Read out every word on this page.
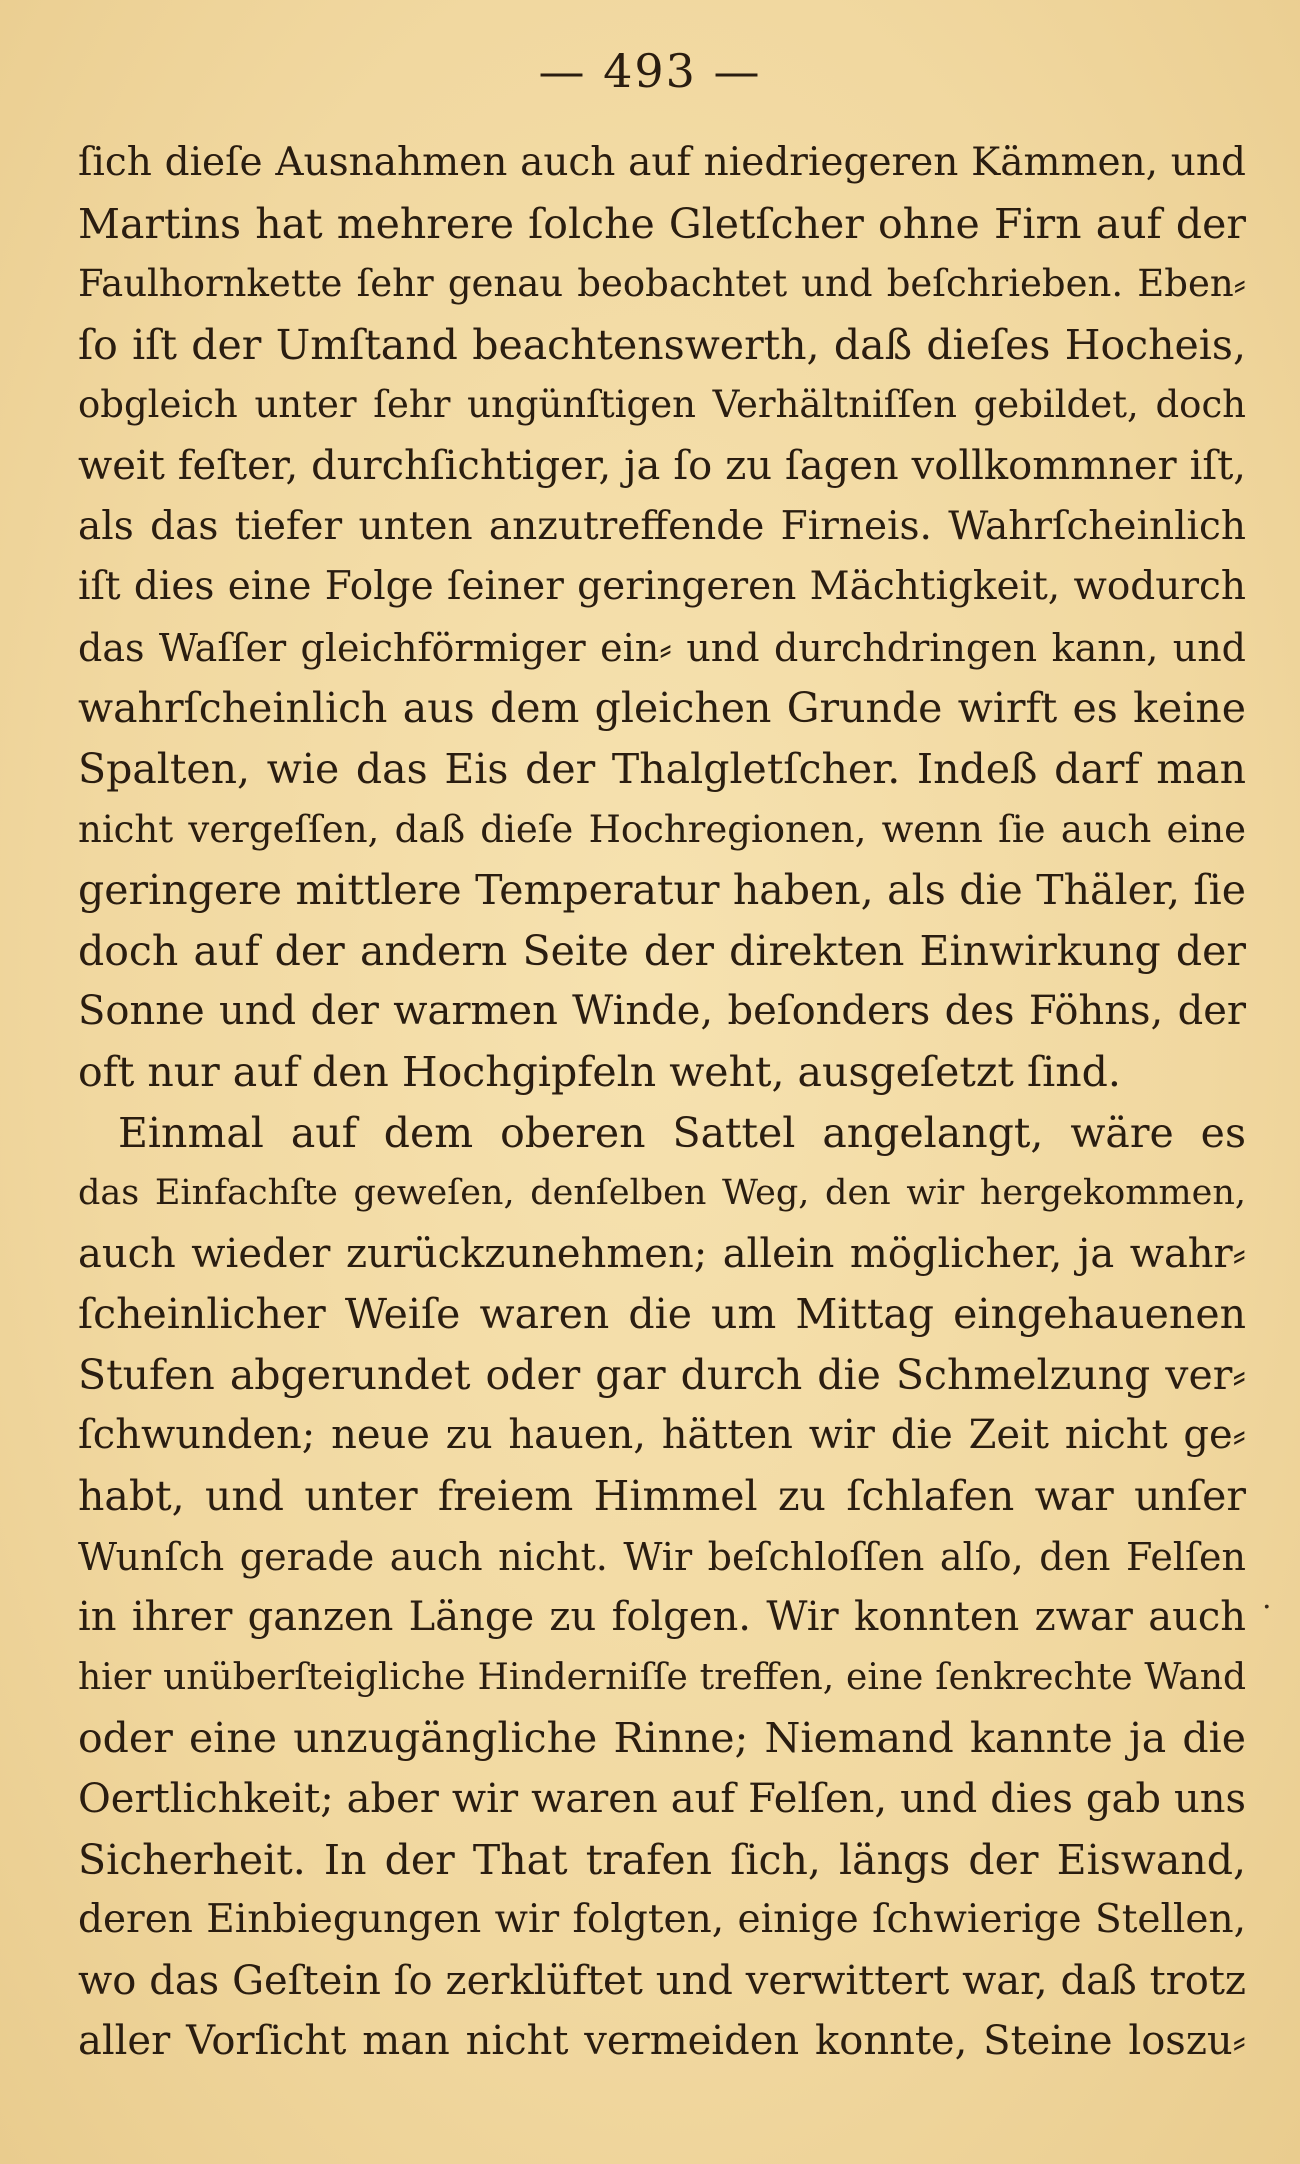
— 493 —
ſich dieſe Ausnahmen auch auf niedriegeren Kämmen, und
Martins hat mehrere ſolche Gletſcher ohne Firn auf der
Faulhornkette ſehr genau beobachtet und beſchrieben. Eben⸗
ſo iſt der Umſtand beachtenswerth, daß dieſes Hocheis,
obgleich unter ſehr ungünſtigen Verhältniſſen gebildet, doch
weit feſter, durchſichtiger, ja ſo zu ſagen vollkommner iſt,
als das tiefer unten anzutreffende Firneis. Wahrſcheinlich
iſt dies eine Folge ſeiner geringeren Mächtigkeit, wodurch
das Waſſer gleichförmiger ein⸗ und durchdringen kann, und
wahrſcheinlich aus dem gleichen Grunde wirft es keine
Spalten, wie das Eis der Thalgletſcher. Indeß darf man
nicht vergeſſen, daß dieſe Hochregionen, wenn ſie auch eine
geringere mittlere Temperatur haben, als die Thäler, ſie
doch auf der andern Seite der direkten Einwirkung der
Sonne und der warmen Winde, beſonders des Föhns, der
oft nur auf den Hochgipfeln weht, ausgeſetzt ſind.
Einmal auf dem oberen Sattel angelangt, wäre es
das Einfachſte geweſen, denſelben Weg, den wir hergekommen,
auch wieder zurückzunehmen; allein möglicher, ja wahr⸗
ſcheinlicher Weiſe waren die um Mittag eingehauenen
Stufen abgerundet oder gar durch die Schmelzung ver⸗
ſchwunden; neue zu hauen, hätten wir die Zeit nicht ge⸗
habt, und unter freiem Himmel zu ſchlafen war unſer
Wunſch gerade auch nicht. Wir beſchloſſen alſo, den Felſen
in ihrer ganzen Länge zu folgen. Wir konnten zwar auch
hier unüberſteigliche Hinderniſſe treffen, eine ſenkrechte Wand
oder eine unzugängliche Rinne; Niemand kannte ja die
Oertlichkeit; aber wir waren auf Felſen, und dies gab uns
Sicherheit. In der That trafen ſich, längs der Eiswand,
deren Einbiegungen wir folgten, einige ſchwierige Stellen,
wo das Geſtein ſo zerklüftet und verwittert war, daß trotz
aller Vorſicht man nicht vermeiden konnte, Steine loszu⸗
.
